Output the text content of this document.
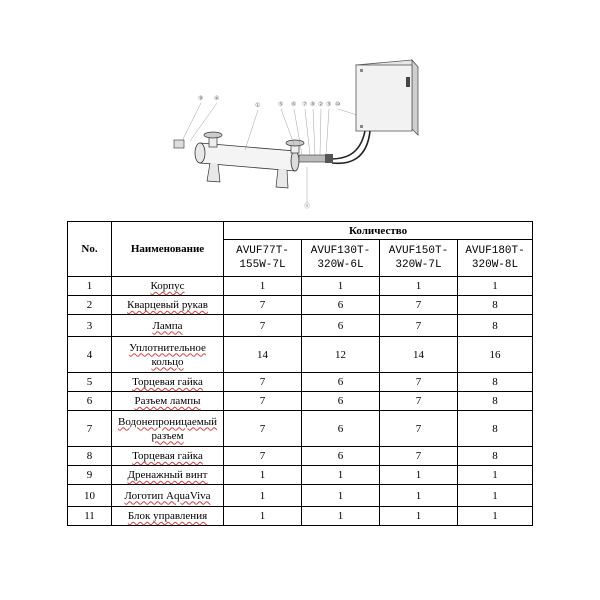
⑨ ④
①	⑤ ⑥ ⑦ ⑧ ② ③ ⑩
⑪
No.	Наименование	Количество			
		AVUF77T-155W-7L	AVUF130T-320W-6L	AVUF150T-320W-7L	AVUF180T-320W-8L
1	Корпус	1	1	1	1
2	Кварцевый рукав	7	6	7	8
3	Лампа	7	6	7	8
4	Уплотнительное кольцо	14	12	14	16
5	Торцевая гайка	7	6	7	8
6	Разъем лампы	7	6	7	8
7	Водонепроницаемый разъем	7	6	7	8
8	Торцевая гайка	7	6	7	8
9	Дренажный винт	1	1	1	1
10	Логотип AquaViva	1	1	1	1
11	Блок управления	1	1	1	1
